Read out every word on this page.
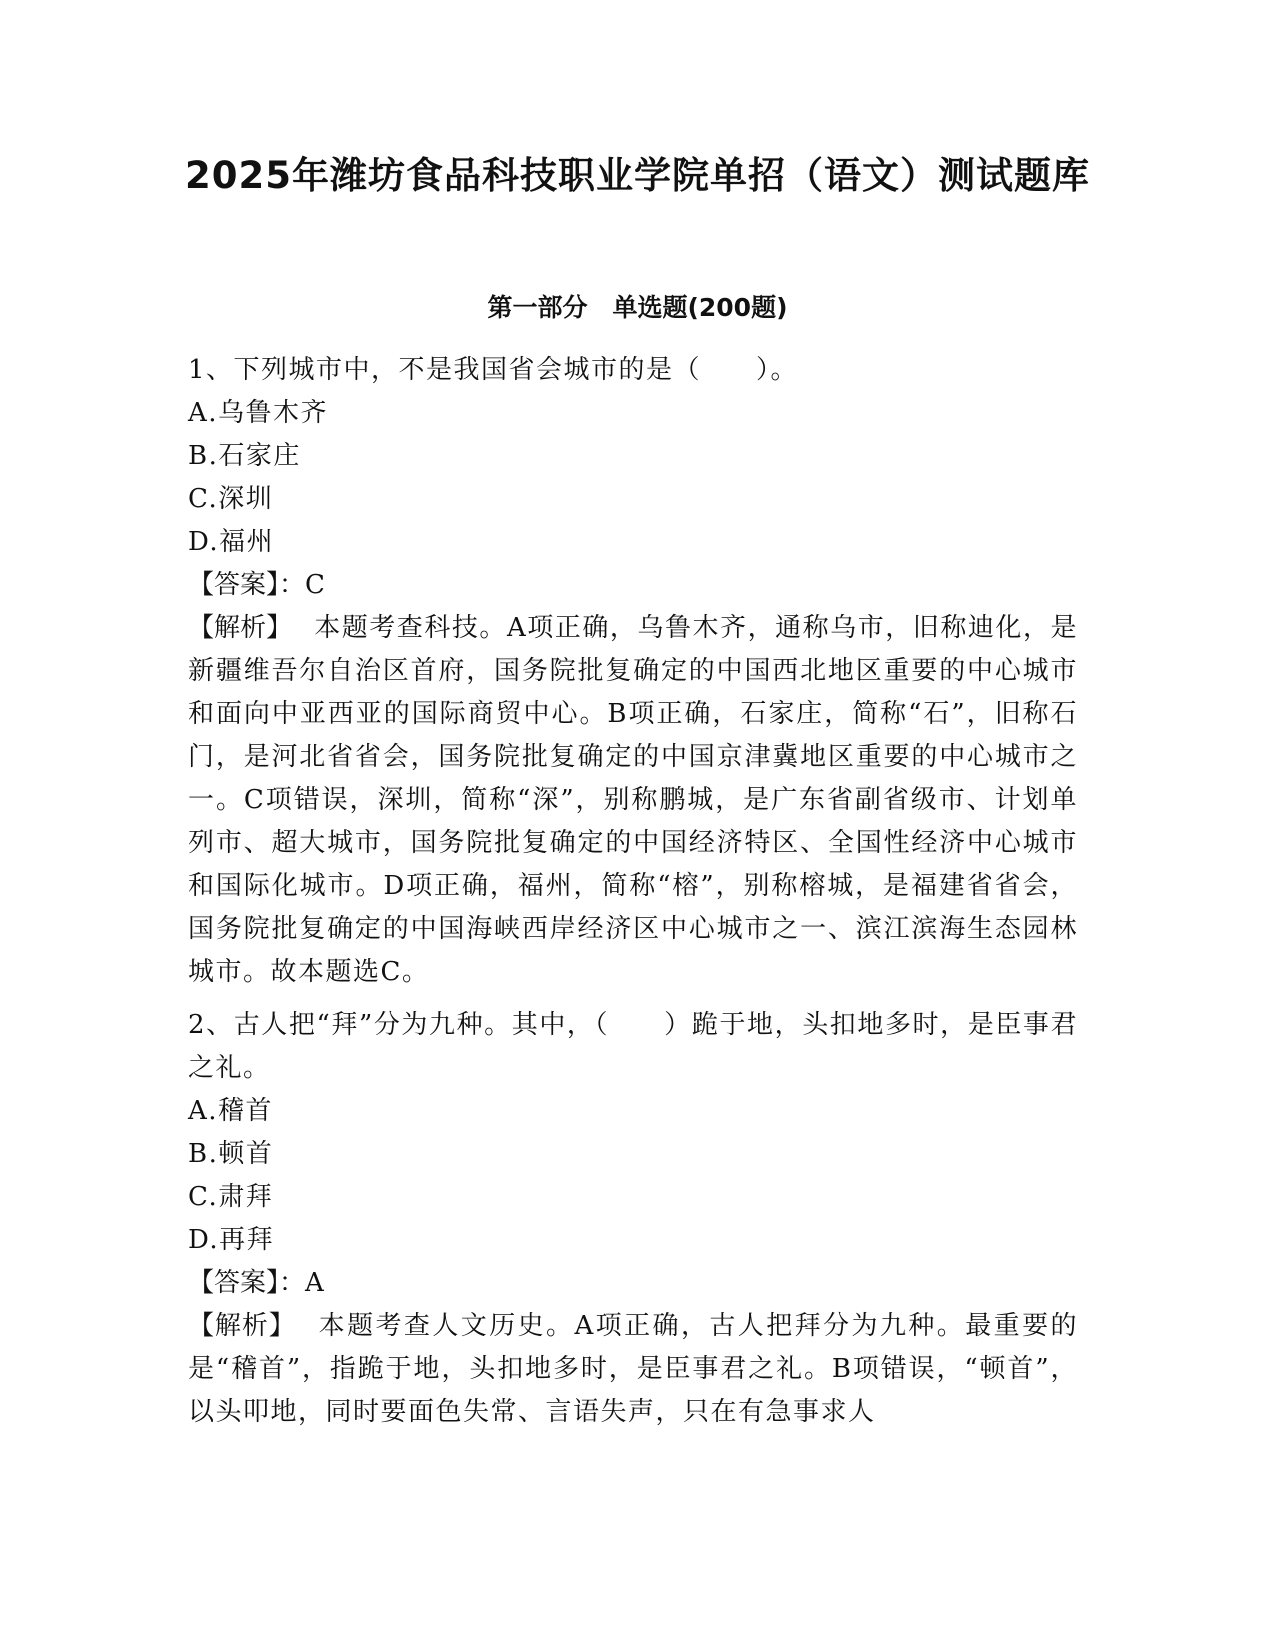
2025年潍坊食品科技职业学院单招（语文）测试题库
第一部分　单选题(200题)

1、下列城市中，不是我国省会城市的是（　　）。

A.乌鲁木齐

B.石家庄

C.深圳

D.福州

【答案】：C

【解析】 本题考查科技。A项正确，乌鲁木齐，通称乌市，旧称迪化，是新疆维吾尔自治区首府，国务院批复确定的中国西北地区重要的中心城市和面向中亚西亚的国际商贸中心。B项正确，石家庄，简称“石”，旧称石门，是河北省省会，国务院批复确定的中国京津冀地区重要的中心城市之一。C项错误，深圳，简称“深”，别称鹏城，是广东省副省级市、计划单列市、超大城市，国务院批复确定的中国经济特区、全国性经济中心城市和国际化城市。D项正确，福州，简称“榕”，别称榕城，是福建省省会，国务院批复确定的中国海峡西岸经济区中心城市之一、滨江滨海生态园林城市。故本题选C。

2、古人把“拜”分为九种。其中，（　　）跪于地，头扣地多时，是臣事君之礼。

A.稽首

B.顿首

C.肃拜

D.再拜

【答案】：A

【解析】 本题考查人文历史。A项正确，古人把拜分为九种。最重要的是“稽首”，指跪于地，头扣地多时，是臣事君之礼。B项错误，“顿首”，以头叩地，同时要面色失常、言语失声，只在有急事求人
